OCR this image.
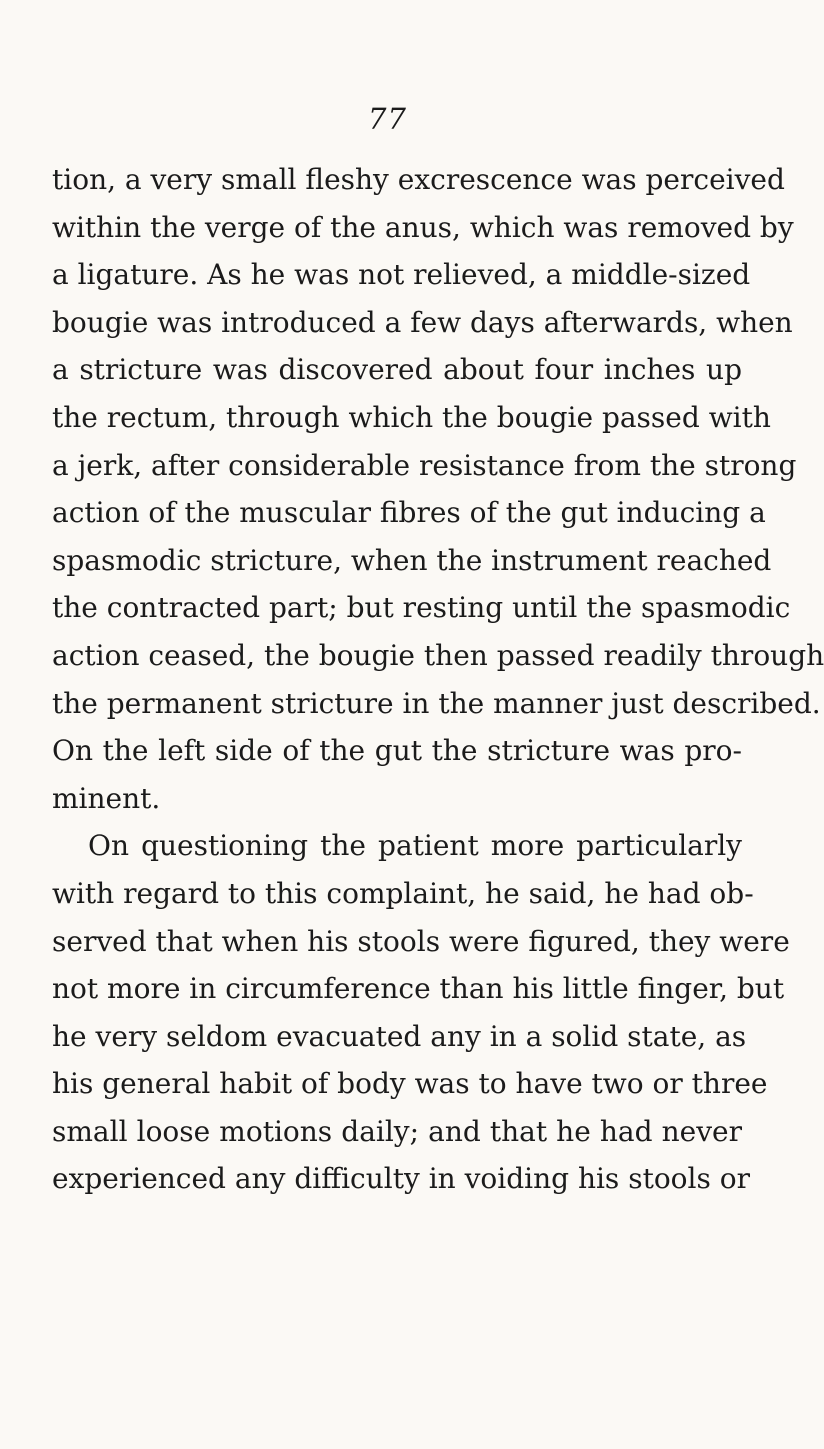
77
tion, a very small fleshy excrescence was perceived
within the verge of the anus, which was removed by
a ligature. As he was not relieved, a middle-sized
bougie was introduced a few days afterwards, when
a stricture was discovered about four inches up
the rectum, through which the bougie passed with
a jerk, after considerable resistance from the strong
action of the muscular fibres of the gut inducing a
spasmodic stricture, when the instrument reached
the contracted part; but resting until the spasmodic
action ceased, the bougie then passed readily through
the permanent stricture in the manner just described.
On the left side of the gut the stricture was pro-
minent.
On questioning the patient more particularly
with regard to this complaint, he said, he had ob-
served that when his stools were figured, they were
not more in circumference than his little finger, but
he very seldom evacuated any in a solid state, as
his general habit of body was to have two or three
small loose motions daily; and that he had never
experienced any difficulty in voiding his stools or
